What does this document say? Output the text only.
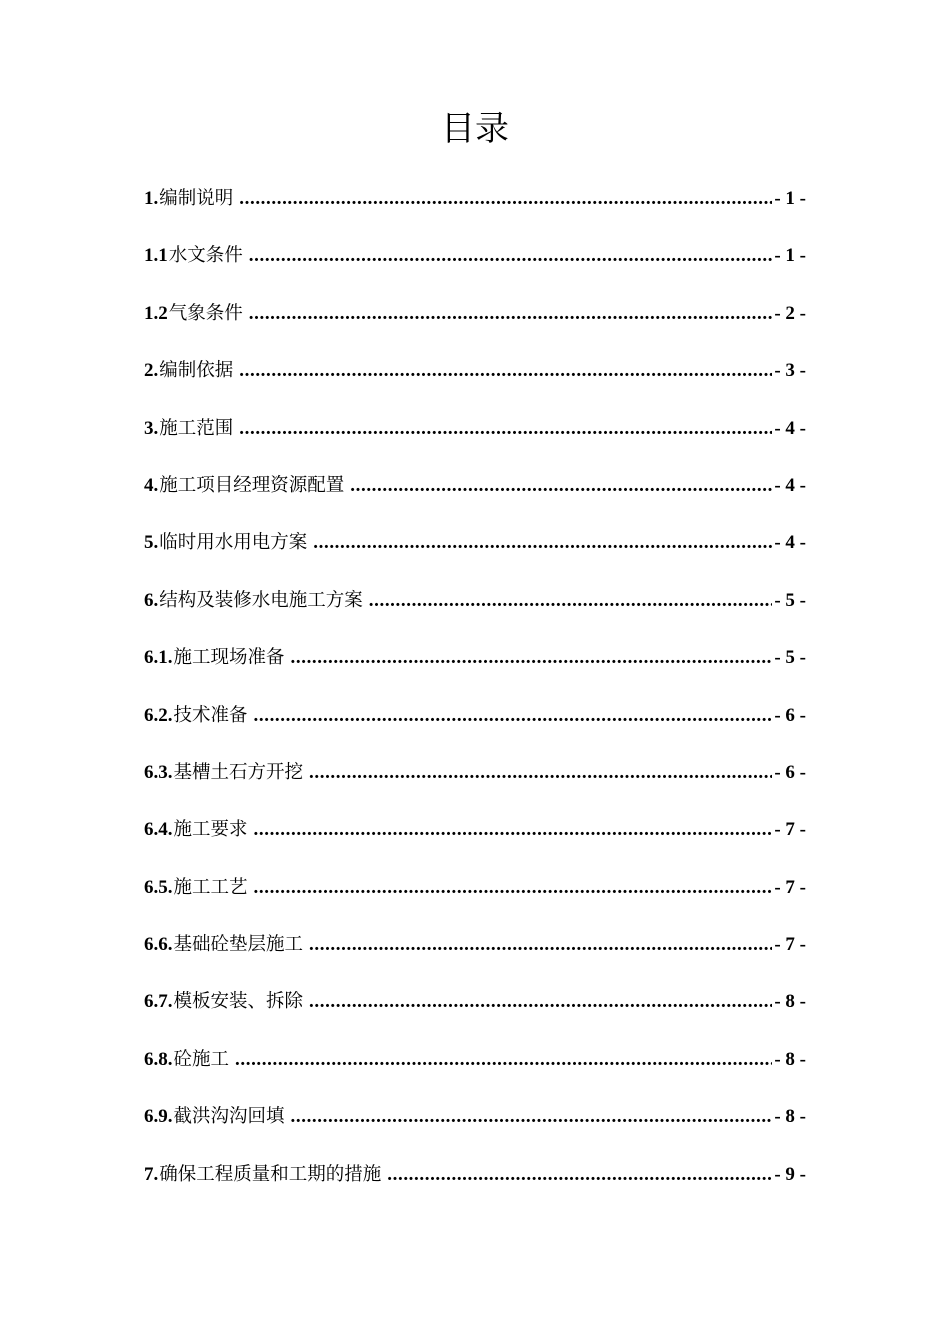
目录
1. 编制说明 .....	- 1 -
1.1 水文条件 .....	- 1 -
1.2 气象条件 .....	- 2 -
2. 编制依据 .....	- 3 -
3. 施工范围 .....	- 4 -
4. 施工项目经理资源配置 .....	- 4 -
5. 临时用水用电方案 .....	- 4 -
6. 结构及装修水电施工方案 .....	- 5 -
6.1. 施工现场准备 .....	- 5 -
6.2. 技术准备 .....	- 6 -
6.3. 基槽土石方开挖 .....	- 6 -
6.4. 施工要求 .....	- 7 -
6.5. 施工工艺 .....	- 7 -
6.6. 基础砼垫层施工 .....	- 7 -
6.7. 模板安装、拆除 .....	- 8 -
6.8. 砼施工 .....	- 8 -
6.9. 截洪沟沟回填 .....	- 8 -
7. 确保工程质量和工期的措施 .....	- 9 -
